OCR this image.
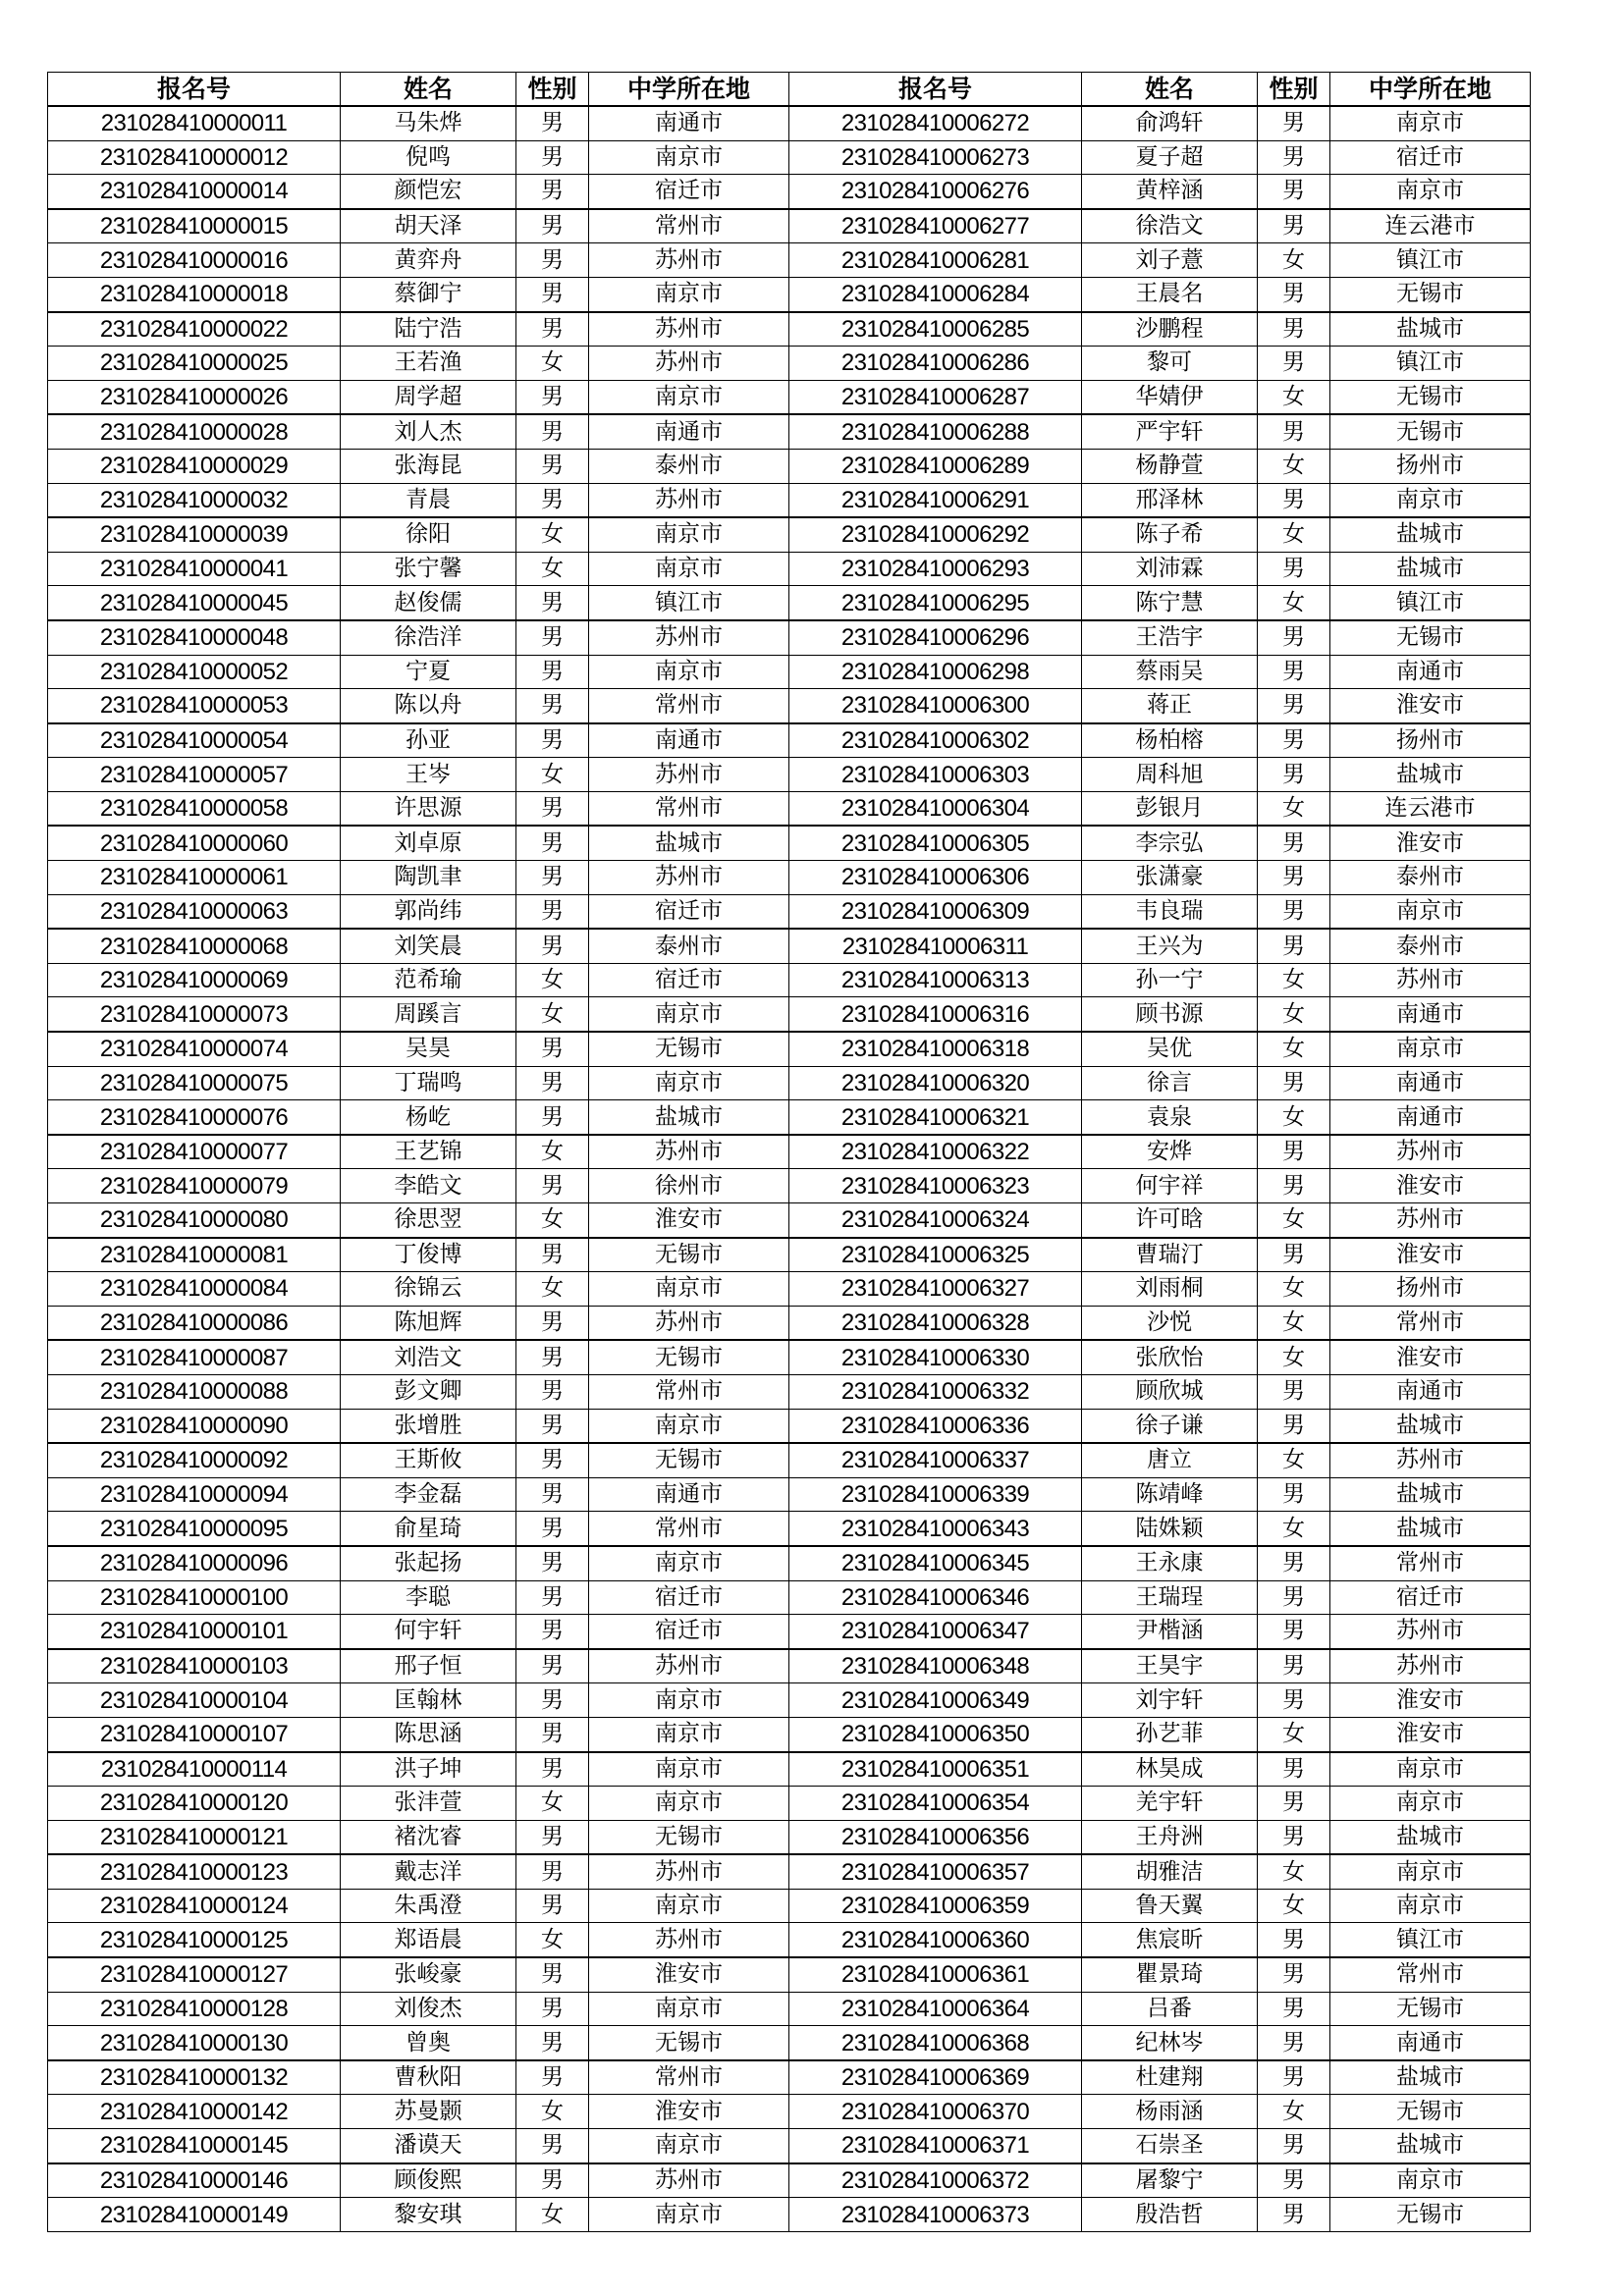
报名号	姓名	性别	中学所在地	报名号	姓名	性别	中学所在地
231028410000011	马朱烨	男	南通市	231028410006272	俞鸿轩	男	南京市
231028410000012	倪鸣	男	南京市	231028410006273	夏子超	男	宿迁市
231028410000014	颜恺宏	男	宿迁市	231028410006276	黄梓涵	男	南京市
231028410000015	胡天泽	男	常州市	231028410006277	徐浩文	男	连云港市
231028410000016	黄弈舟	男	苏州市	231028410006281	刘子薏	女	镇江市
231028410000018	蔡御宁	男	南京市	231028410006284	王晨名	男	无锡市
231028410000022	陆宁浩	男	苏州市	231028410006285	沙鹏程	男	盐城市
231028410000025	王若渔	女	苏州市	231028410006286	黎可	男	镇江市
231028410000026	周学超	男	南京市	231028410006287	华婧伊	女	无锡市
231028410000028	刘人杰	男	南通市	231028410006288	严宇轩	男	无锡市
231028410000029	张海昆	男	泰州市	231028410006289	杨静萱	女	扬州市
231028410000032	青晨	男	苏州市	231028410006291	邢泽林	男	南京市
231028410000039	徐阳	女	南京市	231028410006292	陈子希	女	盐城市
231028410000041	张宁馨	女	南京市	231028410006293	刘沛霖	男	盐城市
231028410000045	赵俊儒	男	镇江市	231028410006295	陈宁慧	女	镇江市
231028410000048	徐浩洋	男	苏州市	231028410006296	王浩宇	男	无锡市
231028410000052	宁夏	男	南京市	231028410006298	蔡雨吴	男	南通市
231028410000053	陈以舟	男	常州市	231028410006300	蒋正	男	淮安市
231028410000054	孙亚	男	南通市	231028410006302	杨柏榕	男	扬州市
231028410000057	王岑	女	苏州市	231028410006303	周科旭	男	盐城市
231028410000058	许思源	男	常州市	231028410006304	彭银月	女	连云港市
231028410000060	刘卓原	男	盐城市	231028410006305	李宗弘	男	淮安市
231028410000061	陶凯聿	男	苏州市	231028410006306	张潇豪	男	泰州市
231028410000063	郭尚纬	男	宿迁市	231028410006309	韦良瑞	男	南京市
231028410000068	刘笑晨	男	泰州市	231028410006311	王兴为	男	泰州市
231028410000069	范希瑜	女	宿迁市	231028410006313	孙一宁	女	苏州市
231028410000073	周蹊言	女	南京市	231028410006316	顾书源	女	南通市
231028410000074	吴昊	男	无锡市	231028410006318	吴优	女	南京市
231028410000075	丁瑞鸣	男	南京市	231028410006320	徐言	男	南通市
231028410000076	杨屹	男	盐城市	231028410006321	袁泉	女	南通市
231028410000077	王艺锦	女	苏州市	231028410006322	安烨	男	苏州市
231028410000079	李皓文	男	徐州市	231028410006323	何宇祥	男	淮安市
231028410000080	徐思翌	女	淮安市	231028410006324	许可晗	女	苏州市
231028410000081	丁俊博	男	无锡市	231028410006325	曹瑞汀	男	淮安市
231028410000084	徐锦云	女	南京市	231028410006327	刘雨桐	女	扬州市
231028410000086	陈旭辉	男	苏州市	231028410006328	沙悦	女	常州市
231028410000087	刘浩文	男	无锡市	231028410006330	张欣怡	女	淮安市
231028410000088	彭文卿	男	常州市	231028410006332	顾欣城	男	南通市
231028410000090	张增胜	男	南京市	231028410006336	徐子谦	男	盐城市
231028410000092	王斯攸	男	无锡市	231028410006337	唐立	女	苏州市
231028410000094	李金磊	男	南通市	231028410006339	陈靖峰	男	盐城市
231028410000095	俞星琦	男	常州市	231028410006343	陆姝颖	女	盐城市
231028410000096	张起扬	男	南京市	231028410006345	王永康	男	常州市
231028410000100	李聪	男	宿迁市	231028410006346	王瑞珵	男	宿迁市
231028410000101	何宇轩	男	宿迁市	231028410006347	尹楷涵	男	苏州市
231028410000103	邢子恒	男	苏州市	231028410006348	王昊宇	男	苏州市
231028410000104	匡翰林	男	南京市	231028410006349	刘宇轩	男	淮安市
231028410000107	陈思涵	男	南京市	231028410006350	孙艺菲	女	淮安市
231028410000114	洪子坤	男	南京市	231028410006351	林昊成	男	南京市
231028410000120	张沣萱	女	南京市	231028410006354	羌宇轩	男	南京市
231028410000121	褚沈睿	男	无锡市	231028410006356	王舟洲	男	盐城市
231028410000123	戴志洋	男	苏州市	231028410006357	胡雅洁	女	南京市
231028410000124	朱禹澄	男	南京市	231028410006359	鲁天翼	女	南京市
231028410000125	郑语晨	女	苏州市	231028410006360	焦宸昕	男	镇江市
231028410000127	张峻豪	男	淮安市	231028410006361	瞿景琦	男	常州市
231028410000128	刘俊杰	男	南京市	231028410006364	吕番	男	无锡市
231028410000130	曾奥	男	无锡市	231028410006368	纪林岑	男	南通市
231028410000132	曹秋阳	男	常州市	231028410006369	杜建翔	男	盐城市
231028410000142	苏曼颢	女	淮安市	231028410006370	杨雨涵	女	无锡市
231028410000145	潘谟天	男	南京市	231028410006371	石崇圣	男	盐城市
231028410000146	顾俊熙	男	苏州市	231028410006372	屠黎宁	男	南京市
231028410000149	黎安琪	女	南京市	231028410006373	殷浩哲	男	无锡市
